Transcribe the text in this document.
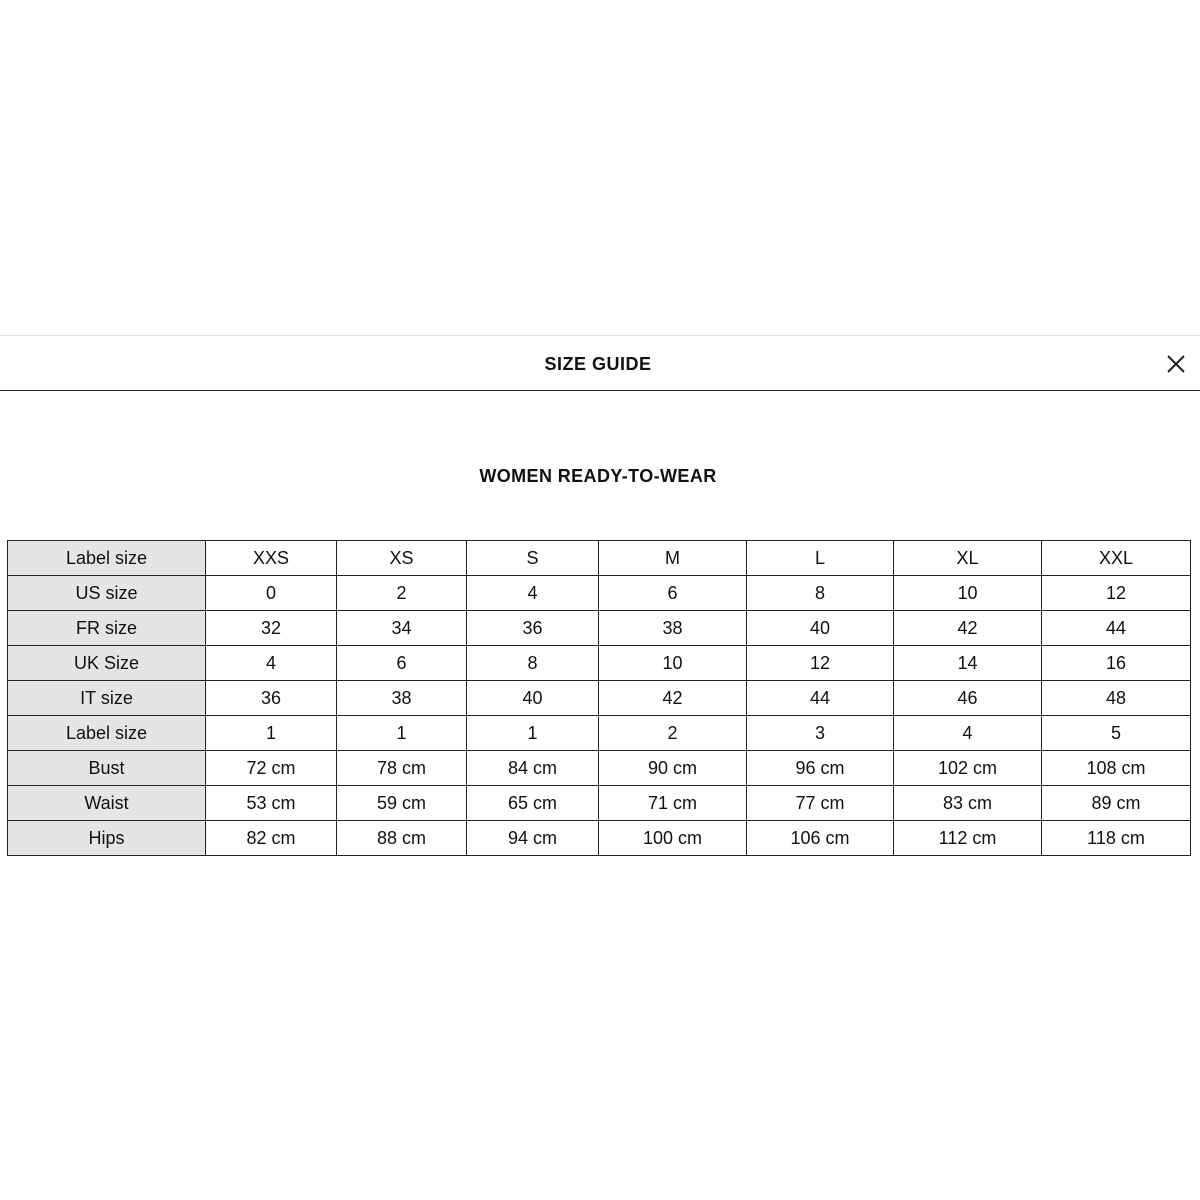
SIZE GUIDE
WOMEN READY-TO-WEAR
Label size	XXS	XS	S	M	L	XL	XXL
US size	0	2	4	6	8	10	12
FR size	32	34	36	38	40	42	44
UK Size	4	6	8	10	12	14	16
IT size	36	38	40	42	44	46	48
Label size	1	1	1	2	3	4	5
Bust	72 cm	78 cm	84 cm	90 cm	96 cm	102 cm	108 cm
Waist	53 cm	59 cm	65 cm	71 cm	77 cm	83 cm	89 cm
Hips	82 cm	88 cm	94 cm	100 cm	106 cm	112 cm	118 cm
